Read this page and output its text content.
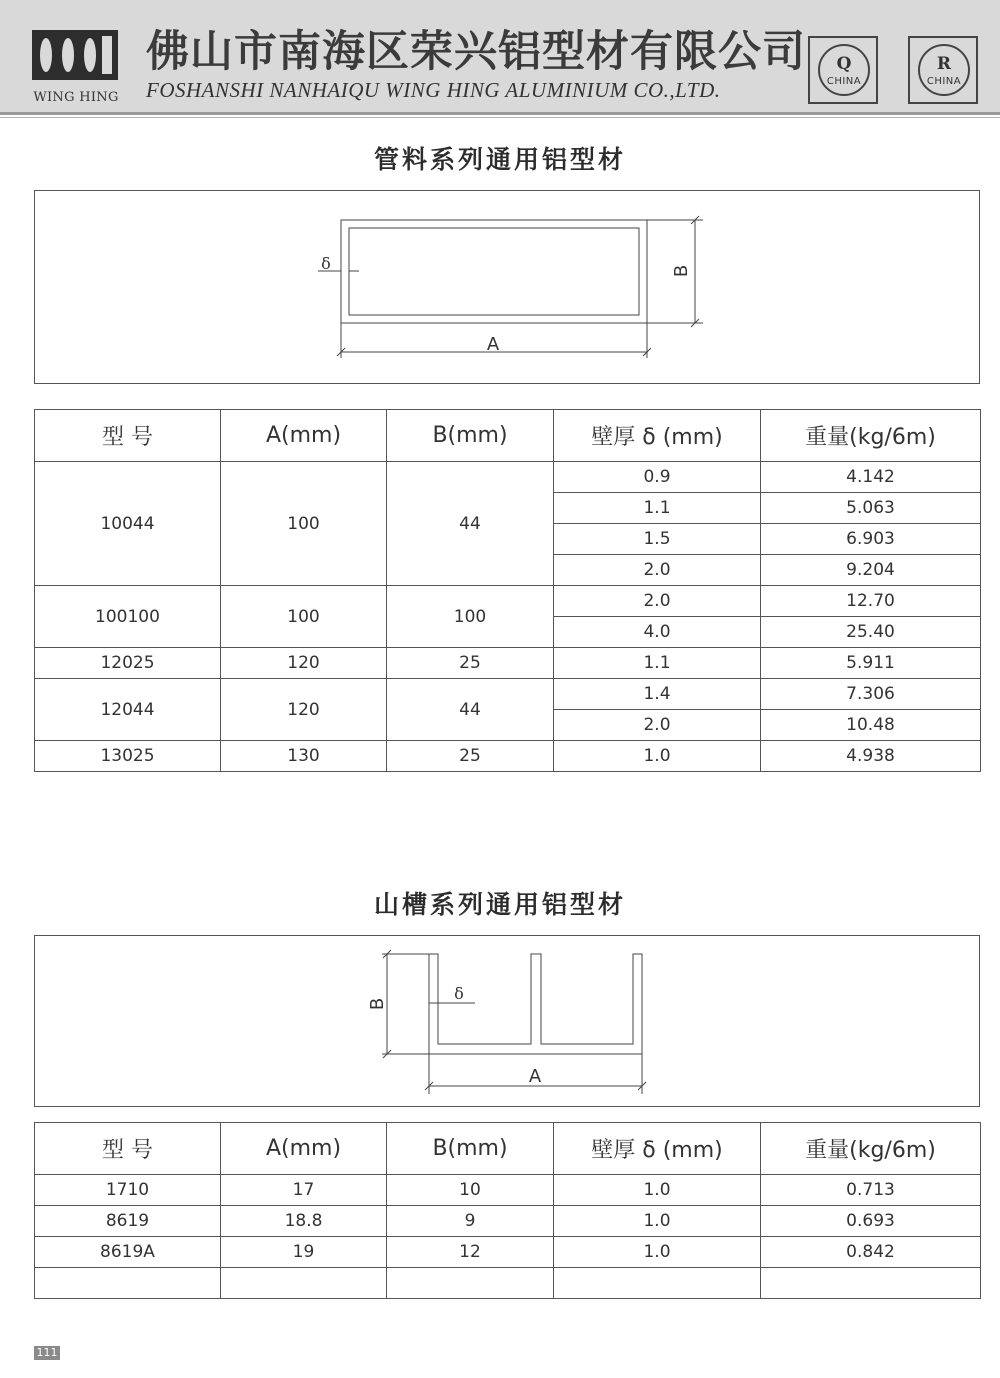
WING HING
佛山市南海区荣兴铝型材有限公司
FOSHANSHI NANHAIQU WING HING ALUMINIUM CO.,LTD.
Q
CHINA
R
CHINA
管料系列通用铝型材
A
B
δ
型 号	A(mm)	B(mm)	壁厚 δ (mm)	重量(kg/6m)
10044	100	44	0.9	4.142
			1.1	5.063
			1.5	6.903
			2.0	9.204
100100	100	100	2.0	12.70
			4.0	25.40
12025	120	25	1.1	5.911
12044	120	44	1.4	7.306
			2.0	10.48
13025	130	25	1.0	4.938
山槽系列通用铝型材
A
B
δ
型 号	A(mm)	B(mm)	壁厚 δ (mm)	重量(kg/6m)
1710	17	10	1.0	0.713
8619	18.8	9	1.0	0.693
8619A	19	12	1.0	0.842

111
